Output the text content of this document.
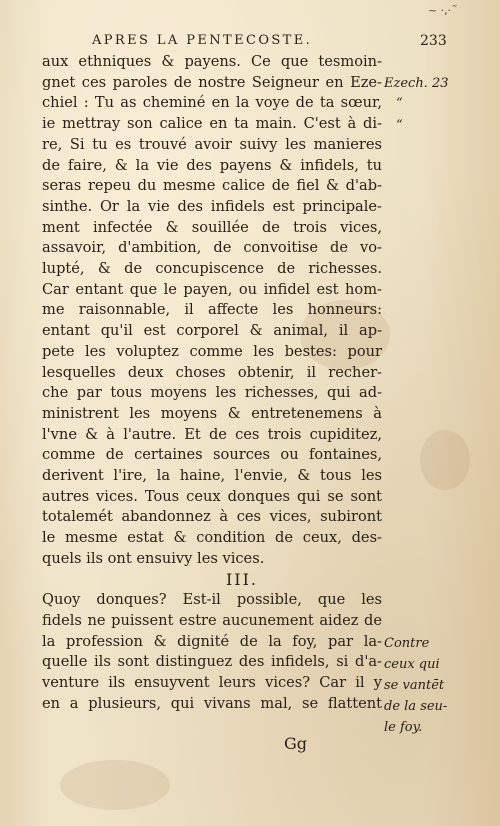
~ ·ˌ·˜
APRES LA PENTECOSTE.	233
aux ethniques & payens. Ce que tesmoin-
gnet ces paroles de nostre Seigneur en Eze-
chiel : Tu as cheminé en la voye de ta sœur,
ie mettray son calice en ta main. C'est à di-
re, Si tu es trouvé avoir suivy les manieres
de faire, & la vie des payens & infidels, tu
seras repeu du mesme calice de fiel & d'ab-
sinthe. Or la vie des infidels est principale-
ment infectée & souillée de trois vices,
assavoir, d'ambition, de convoitise de vo-
lupté, & de concupiscence de richesses.
Car entant que le payen, ou infidel est hom-
me raisonnable, il affecte les honneurs:
entant qu'il est corporel & animal, il ap-
pete les voluptez comme les bestes: pour
lesquelles deux choses obtenir, il recher-
che par tous moyens les richesses, qui ad-
ministrent les moyens & entretenemens à
l'vne & à l'autre. Et de ces trois cupiditez,
comme de certaines sources ou fontaines,
derivent l'ire, la haine, l'envie, & tous les
autres vices. Tous ceux donques qui se sont
totalemét abandonnez à ces vices, subiront
le mesme estat & condition de ceux, des-
quels ils ont ensuivy les vices.
III.
Quoy donques? Est-il possible, que les
fidels ne puissent estre aucunement aidez de
la profession & dignité de la foy, par la-
quelle ils sont distinguez des infidels, si d'a-
venture ils ensuyvent leurs vices? Car il y
en a plusieurs, qui vivans mal, se flattent
Ezech. 23
“
“
Contre
ceux qui
se vantēt
de la seu-
le foy.
Gg
